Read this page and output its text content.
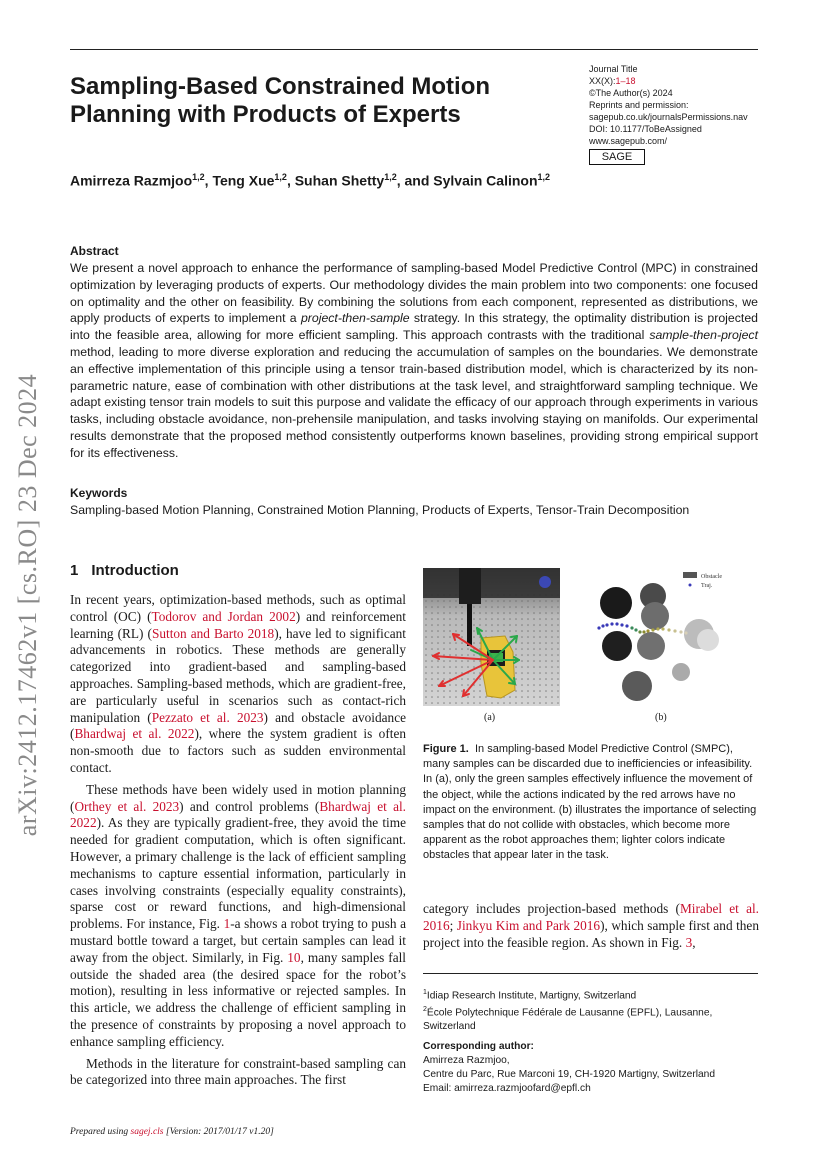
Sampling-Based Constrained Motion Planning with Products of Experts
Journal Title
XX(X):1–18
©The Author(s) 2024
Reprints and permission:
sagepub.co.uk/journalsPermissions.nav
DOI: 10.1177/ToBeAssigned
www.sagepub.com/
SAGE
Amirreza Razmjoo$^{1,2}$, Teng Xue$^{1,2}$, Suhan Shetty$^{1,2}$, and Sylvain Calinon$^{1,2}$
Abstract
We present a novel approach to enhance the performance of sampling-based Model Predictive Control (MPC) in constrained optimization by leveraging products of experts. Our methodology divides the main problem into two components: one focused on optimality and the other on feasibility. By combining the solutions from each component, represented as distributions, we apply products of experts to implement a project-then-sample strategy. In this strategy, the optimality distribution is projected into the feasible area, allowing for more efficient sampling. This approach contrasts with the traditional sample-then-project method, leading to more diverse exploration and reducing the accumulation of samples on the boundaries. We demonstrate an effective implementation of this principle using a tensor train-based distribution model, which is characterized by its non-parametric nature, ease of combination with other distributions at the task level, and straightforward sampling technique. We adapt existing tensor train models to suit this purpose and validate the efficacy of our approach through experiments in various tasks, including obstacle avoidance, non-prehensile manipulation, and tasks involving staying on manifolds. Our experimental results demonstrate that the proposed method consistently outperforms known baselines, providing strong empirical support for its effectiveness.
Keywords
Sampling-based Motion Planning, Constrained Motion Planning, Products of Experts, Tensor-Train Decomposition
arXiv:2412.17462v1 [cs.RO] 23 Dec 2024 1 Introduction

In recent years, optimization-based methods, such as optimal control (OC) (Todorov and Jordan 2002) and reinforcement learning (RL) (Sutton and Barto 2018), have led to significant advancements in robotics. These methods are generally categorized into gradient-based and sampling-based approaches. Sampling-based methods, which are gradient-free, are particularly useful in scenarios such as contact-rich manipulation (Pezzato et al. 2023) and obstacle avoidance (Bhardwaj et al. 2022), where the system gradient is often non-smooth due to factors such as sudden environmental contact.

These methods have been widely used in motion planning (Orthey et al. 2023) and control problems (Bhardwaj et al. 2022). As they are typically gradient-free, they avoid the time needed for gradient computation, which is often significant. However, a primary challenge is the lack of efficient sampling mechanisms to capture essential information, particularly in cases involving constraints (especially equality constraints), sparse cost or reward functions, and high-dimensional problems. For instance, Fig. 1-a shows a robot trying to push a mustard bottle toward a target, but certain samples can lead it away from the object. Similarly, in Fig. 10, many samples fall outside the shaded area (the desired space for the robot’s motion), resulting in less informative or rejected samples. In this article, we address the challenge of efficient sampling in the presence of constraints by proposing a novel approach to enhance sampling efficiency.

Methods in the literature for constraint-based sampling can be categorized into three main approaches. The first

Obstacle
Traj.
(a)	(b)
Figure 1. In sampling-based Model Predictive Control (SMPC), many samples can be discarded due to inefficiencies or infeasibility. In (a), only the green samples effectively influence the movement of the object, while the actions indicated by the red arrows have no impact on the environment. (b) illustrates the importance of selecting samples that do not collide with obstacles, which become more apparent as the robot approaches them; lighter colors indicate obstacles that appear later in the task.

category includes projection-based methods (Mirabel et al. 2016; Jinkyu Kim and Park 2016), which sample first and then project into the feasible region. As shown in Fig. 3,

$^1$Idiap Research Institute, Martigny, Switzerland
$^2$École Polytechnique Fédérale de Lausanne (EPFL), Lausanne, Switzerland
Corresponding author:
Amirreza Razmjoo,
Centre du Parc, Rue Marconi 19, CH-1920 Martigny, Switzerland
Email: amirreza.razmjoofard@epfl.ch
Prepared using sagej.cls [Version: 2017/01/17 v1.20]
